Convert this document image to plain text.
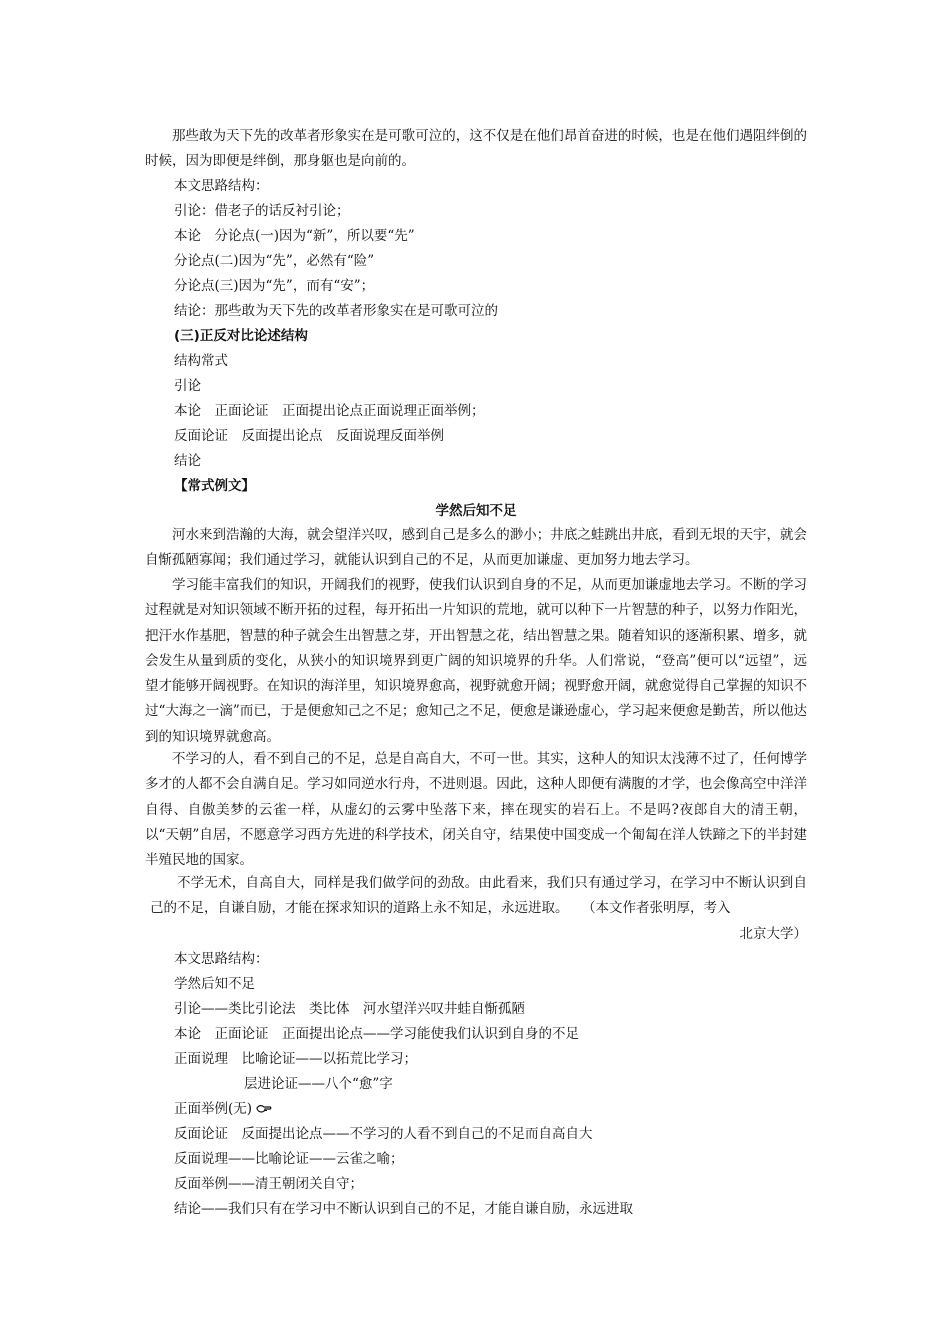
那些敢为天下先的改革者形象实在是可歌可泣的，这不仅是在他们昂首奋进的时候，也是在他们遇阻绊倒的时候，因为即便是绊倒，那身躯也是向前的。

本文思路结构：
引论：借老子的话反衬引论；
本论　分论点(一)因为“新”，所以要“先”
分论点(二)因为“先”，必然有“险”
分论点(三)因为“先”，而有“安”；
结论：那些敢为天下先的改革者形象实在是可歌可泣的
(三)正反对比论述结构
结构常式
引论
本论　正面论证　正面提出论点正面说理正面举例；
反面论证　反面提出论点　反面说理反面举例
结论
【常式例文】
学然后知不足

河水来到浩瀚的大海，就会望洋兴叹，感到自己是多么的渺小；井底之蛙跳出井底，看到无垠的天宇，就会自惭孤陋寡闻；我们通过学习，就能认识到自己的不足，从而更加谦虚、更加努力地去学习。

学习能丰富我们的知识，开阔我们的视野，使我们认识到自身的不足，从而更加谦虚地去学习。不断的学习过程就是对知识领域不断开拓的过程，每开拓出一片知识的荒地，就可以种下一片智慧的种子，以努力作阳光，把汗水作基肥，智慧的种子就会生出智慧之芽，开出智慧之花，结出智慧之果。随着知识的逐渐积累、增多，就会发生从量到质的变化，从狭小的知识境界到更广阔的知识境界的升华。人们常说，“登高”便可以“远望”，远望才能够开阔视野。在知识的海洋里，知识境界愈高，视野就愈开阔；视野愈开阔，就愈觉得自己掌握的知识不过“大海之一滴”而已，于是便愈知己之不足；愈知己之不足，便愈是谦逊虚心，学习起来便愈是勤苦，所以他达到的知识境界就愈高。

不学习的人，看不到自己的不足，总是自高自大，不可一世。其实，这种人的知识太浅薄不过了，任何博学多才的人都不会自满自足。学习如同逆水行舟，不进则退。因此，这种人即便有满腹的才学，也会像高空中洋洋自得、自傲美梦的云雀一样，从虚幻的云雾中坠落下来，摔在现实的岩石上。不是吗?夜郎自大的清王朝，以“天朝”自居，不愿意学习西方先进的科学技术，闭关自守，结果使中国变成一个匍匐在洋人铁蹄之下的半封建半殖民地的国家。

不学无术，自高自大，同样是我们做学问的劲敌。由此看来，我们只有通过学习，在学习中不断认识到自己的不足，自谦自励，才能在探求知识的道路上永不知足，永远进取。　　（本文作者张明厚，考入

北京大学）
本文思路结构：
学然后知不足
引论——类比引论法　类比体　河水望洋兴叹井蛙自惭孤陋
本论　正面论证　正面提出论点——学习能使我们认识到自身的不足
正面说理　比喻论证——以拓荒比学习；
层进论证——八个“愈”字
正面举例(无)
反面论证　反面提出论点——不学习的人看不到自己的不足而自高自大
反面说理——比喻论证——云雀之喻；
反面举例——清王朝闭关自守；
结论——我们只有在学习中不断认识到自己的不足，才能自谦自励，永远进取
